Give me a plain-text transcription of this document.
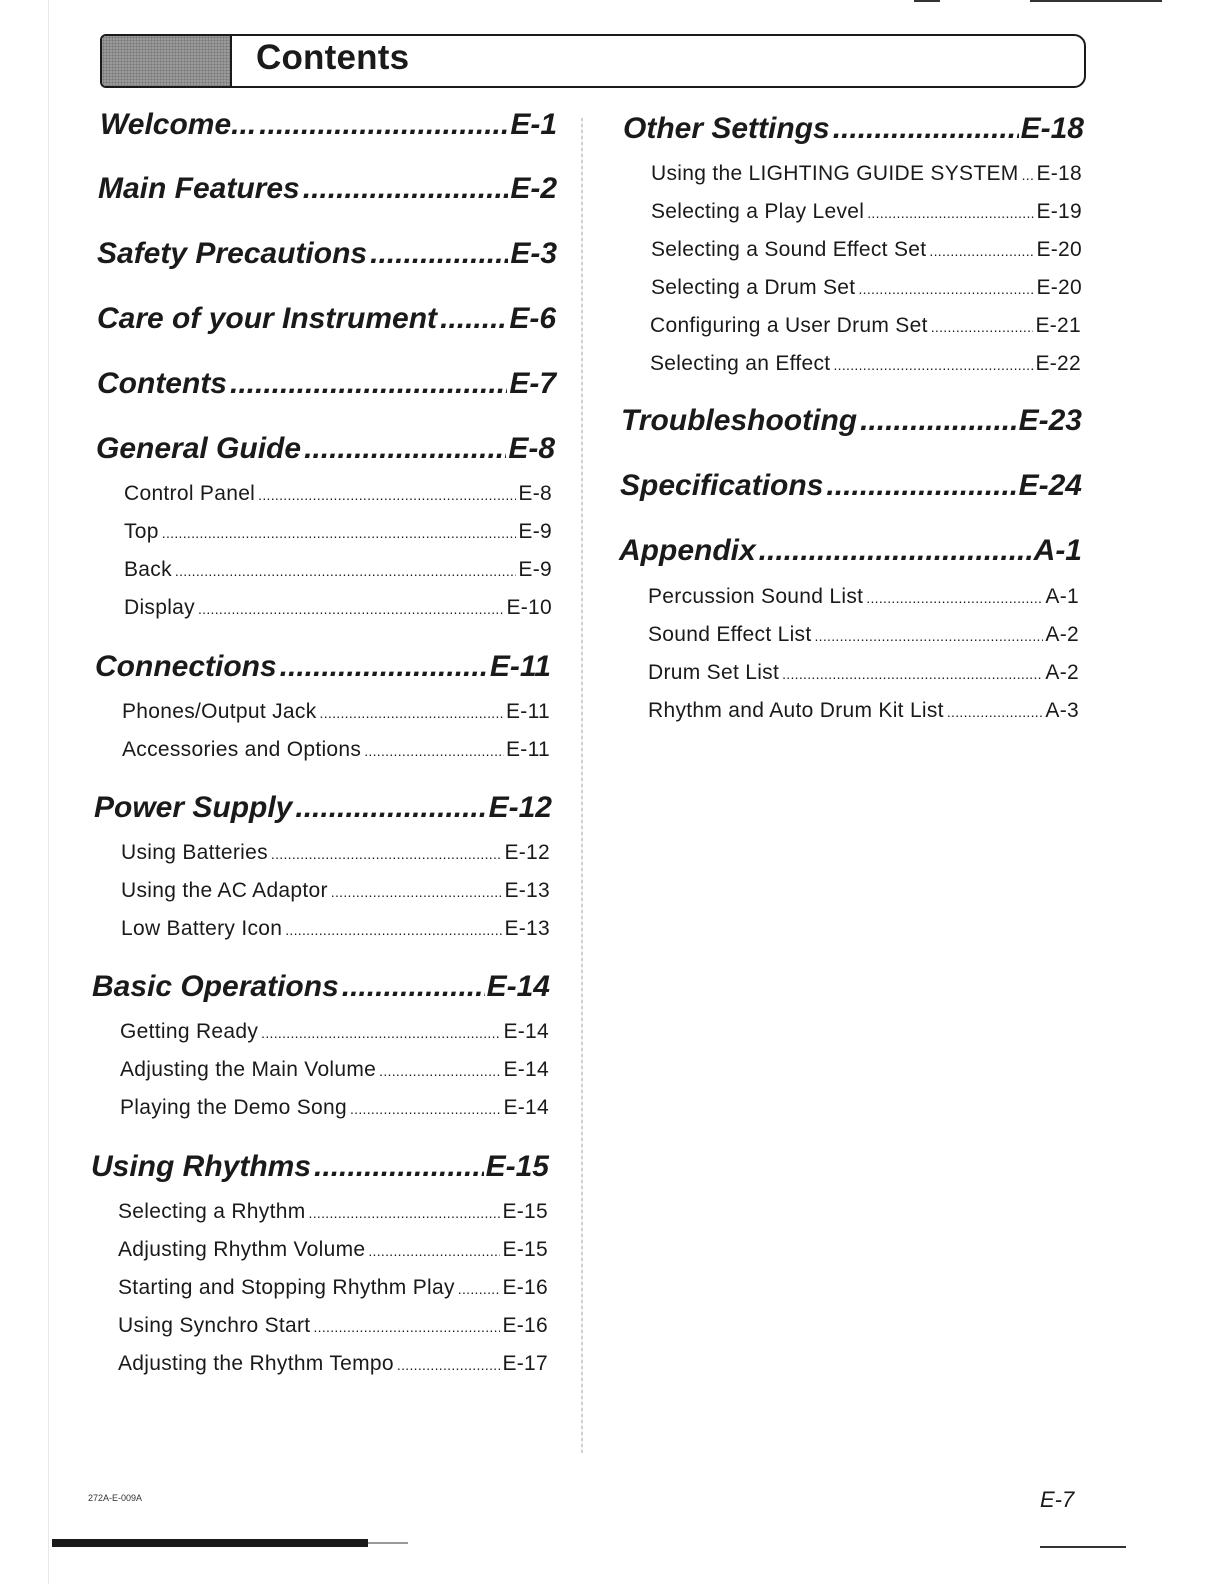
Contents
Welcome... .....	E-1
Main Features .....	E-2
Safety Precautions .....	E-3
Care of your Instrument ..... E-6
Contents .....	E-7
General Guide .....	E-8
Control Panel .....	E-8
Top .....	E-9
Back .....	E-9
Display .....	E-10
Connections .....	E-11
Phones/Output Jack .....	E-11
Accessories and Options .....	E-11
Power Supply .....	E-12
Using Batteries .....	E-12
Using the AC Adaptor .....	E-13
Low Battery Icon .....	E-13
Basic Operations .....	E-14
Getting Ready .....	E-14
Adjusting the Main Volume .....	E-14
Playing the Demo Song .....	E-14
Using Rhythms .....	E-15
Selecting a Rhythm .....	E-15
Adjusting Rhythm Volume .....	E-15
Starting and Stopping Rhythm Play ..... E-16
Using Synchro Start .....	E-16
Adjusting the Rhythm Tempo .....	E-17
Other Settings .....	E-18
Using the LIGHTING GUIDE SYSTEM ..... E-18
Selecting a Play Level .....	E-19
Selecting a Sound Effect Set .....	E-20
Selecting a Drum Set .....	E-20
Configuring a User Drum Set .....	E-21
Selecting an Effect .....	E-22
Troubleshooting .....	E-23
Specifications .....	E-24
Appendix .....	A-1
Percussion Sound List .....	A-1
Sound Effect List .....	A-2
Drum Set List .....	A-2
Rhythm and Auto Drum Kit List .....	A-3
272A-E-009A	E-7
